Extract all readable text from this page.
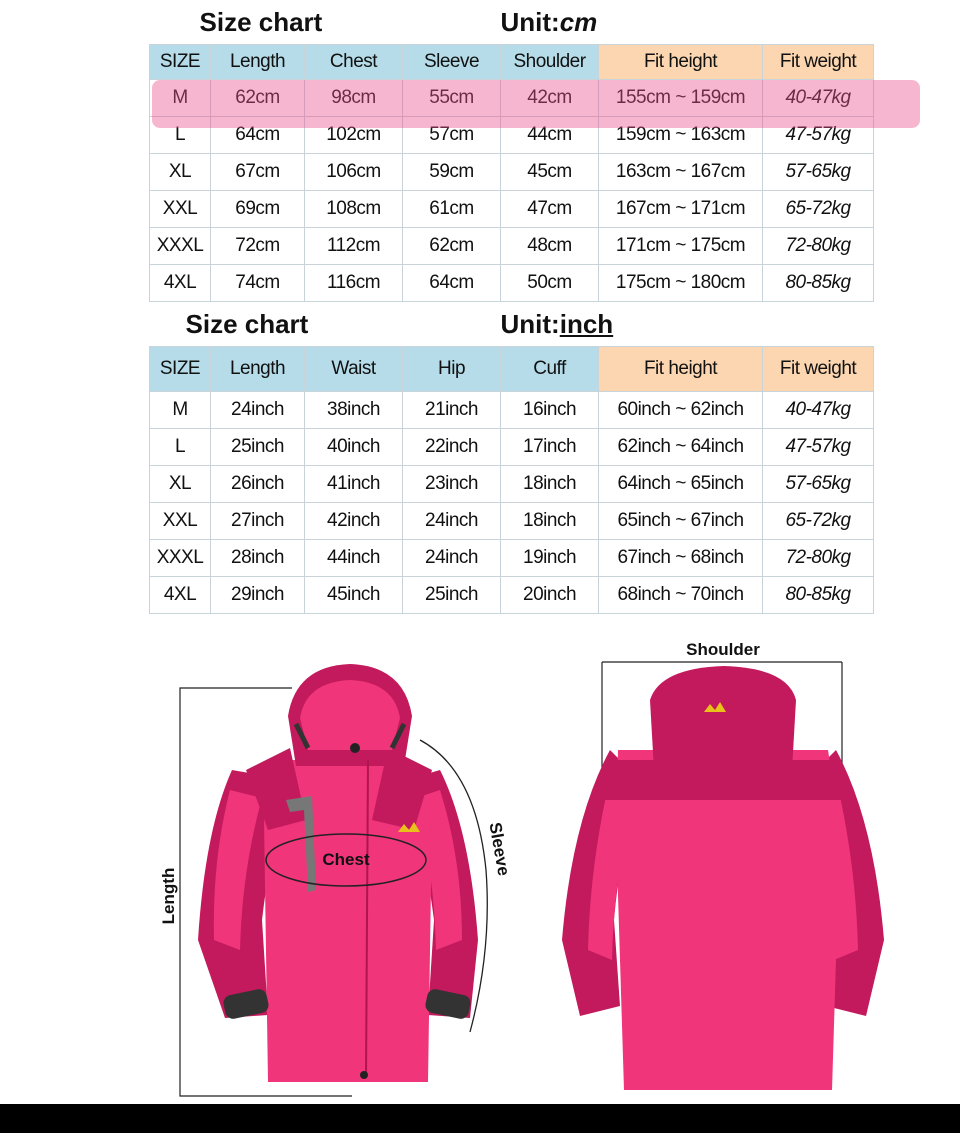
Size chart				Unit:cm		
SIZE	Length	Chest	Sleeve	Shoulder	Fit height	Fit weight
M	62cm	98cm	55cm	42cm	155cm ~ 159cm	40-47kg
L	64cm	102cm	57cm	44cm	159cm ~ 163cm	47-57kg
XL	67cm	106cm	59cm	45cm	163cm ~ 167cm	57-65kg
XXL	69cm	108cm	61cm	47cm	167cm ~ 171cm	65-72kg
XXXL	72cm	112cm	62cm	48cm	171cm ~ 175cm	72-80kg
4XL	74cm	116cm	64cm	50cm	175cm ~ 180cm	80-85kg
Size chart				Unit:inch		
SIZE	Length	Waist	Hip	Cuff	Fit height	Fit weight
M	24inch	38inch	21inch	16inch	60inch ~ 62inch	40-47kg
L	25inch	40inch	22inch	17inch	62inch ~ 64inch	47-57kg
XL	26inch	41inch	23inch	18inch	64inch ~ 65inch	57-65kg
XXL	27inch	42inch	24inch	18inch	65inch ~ 67inch	65-72kg
XXXL	28inch	44inch	24inch	19inch	67inch ~ 68inch	72-80kg
4XL	29inch	45inch	25inch	20inch	68inch ~ 70inch	80-85kg
Length
Chest	Sleeve
Shoulder
